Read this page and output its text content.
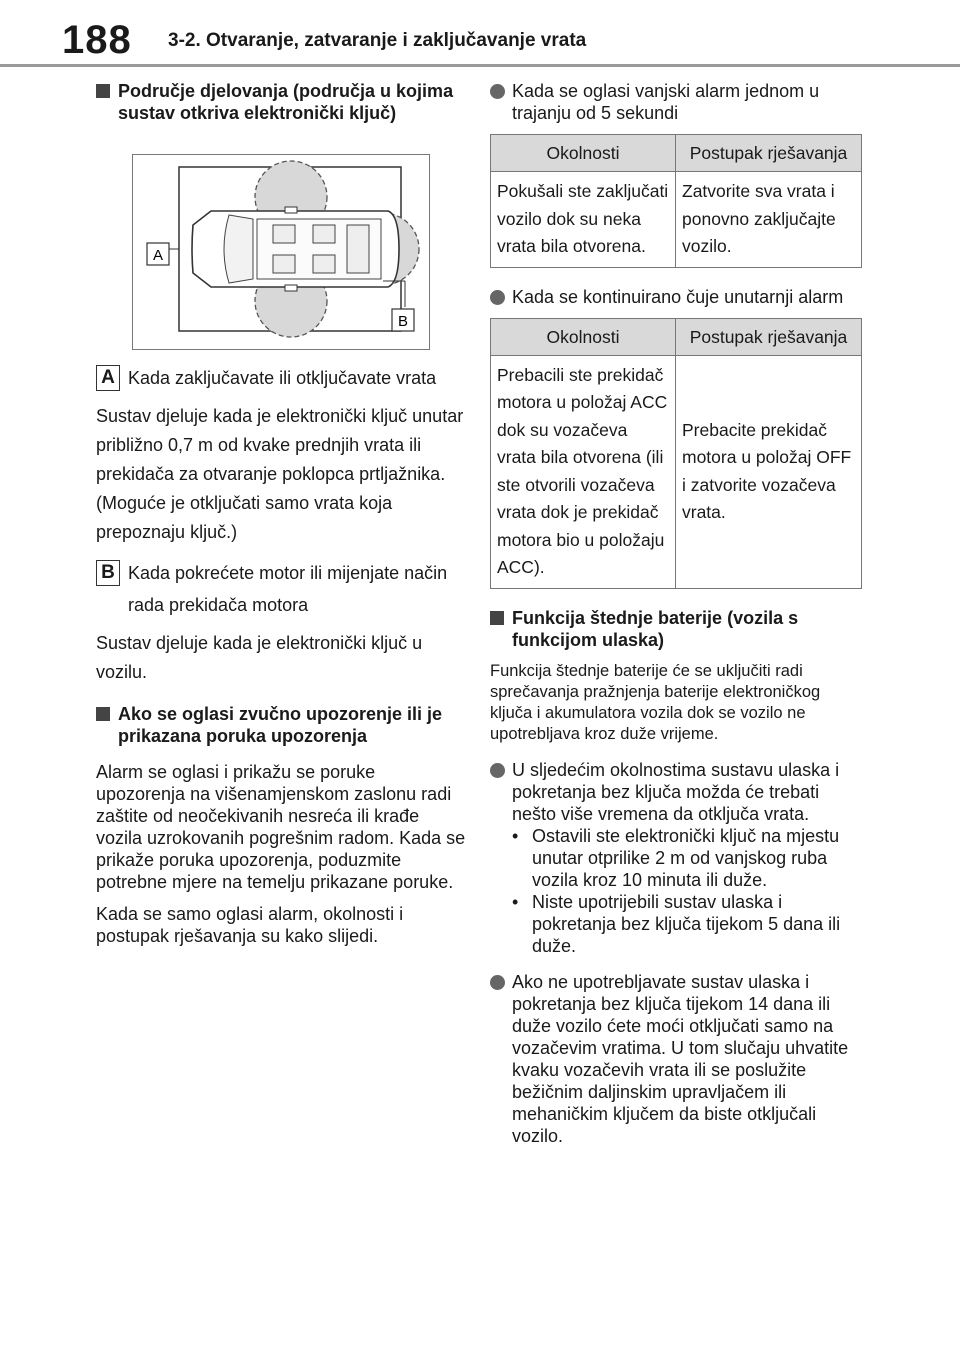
188 3-2. Otvaranje, zatvaranje i zaključavanje vrata
Područje djelovanja (područja u kojima sustav otkriva elektronički ključ)
A
B
A Kada zaključavate ili otključavate vrata
Sustav djeluje kada je elektronički ključ unutar približno 0,7 m od kvake prednjih vrata ili prekidača za otvaranje poklopca prtljažnika. (Moguće je otključati samo vrata koja prepoznaju ključ.)
B Kada pokrećete motor ili mijenjate način rada prekidača motora
Sustav djeluje kada je elektronički ključ u vozilu.
Ako se oglasi zvučno upozorenje ili je prikazana poruka upozorenja
Alarm se oglasi i prikažu se poruke upozorenja na višenamjenskom zaslonu radi zaštite od neočekivanih nesreća ili krađe vozila uzrokovanih pogrešnim radom. Kada se prikaže poruka upozorenja, poduzmite potrebne mjere na temelju prikazane poruke.
Kada se samo oglasi alarm, okolnosti i postupak rješavanja su kako slijedi.
Kada se oglasi vanjski alarm jednom u trajanju od 5 sekundi
Okolnosti	Postupak rješavanja
Pokušali ste zaključati vozilo dok su neka vrata bila otvorena.	Zatvorite sva vrata i ponovno zaključajte vozilo.
Kada se kontinuirano čuje unutarnji alarm
Okolnosti	Postupak rješavanja
Prebacili ste prekidač motora u položaj ACC dok su vozačeva vrata bila otvorena (ili ste otvorili vozačeva vrata dok je prekidač motora bio u položaju ACC).	Prebacite prekidač motora u položaj OFF i zatvorite vozačeva vrata.
Funkcija štednje baterije (vozila s funkcijom ulaska)
Funkcija štednje baterije će se uključiti radi sprečavanja pražnjenja baterije elektroničkog ključa i akumulatora vozila dok se vozilo ne upotrebljava kroz duže vrijeme.
U sljedećim okolnostima sustavu ulaska i pokretanja bez ključa možda će trebati nešto više vremena da otključa vrata.
• Ostavili ste elektronički ključ na mjestu unutar otprilike 2 m od vanjskog ruba vozila kroz 10 minuta ili duže.
• Niste upotrijebili sustav ulaska i pokretanja bez ključa tijekom 5 dana ili duže.
Ako ne upotrebljavate sustav ulaska i pokretanja bez ključa tijekom 14 dana ili duže vozilo ćete moći otključati samo na vozačevim vratima. U tom slučaju uhvatite kvaku vozačevih vrata ili se poslužite bežičnim daljinskim upravljačem ili mehaničkim ključem da biste otključali vozilo.
